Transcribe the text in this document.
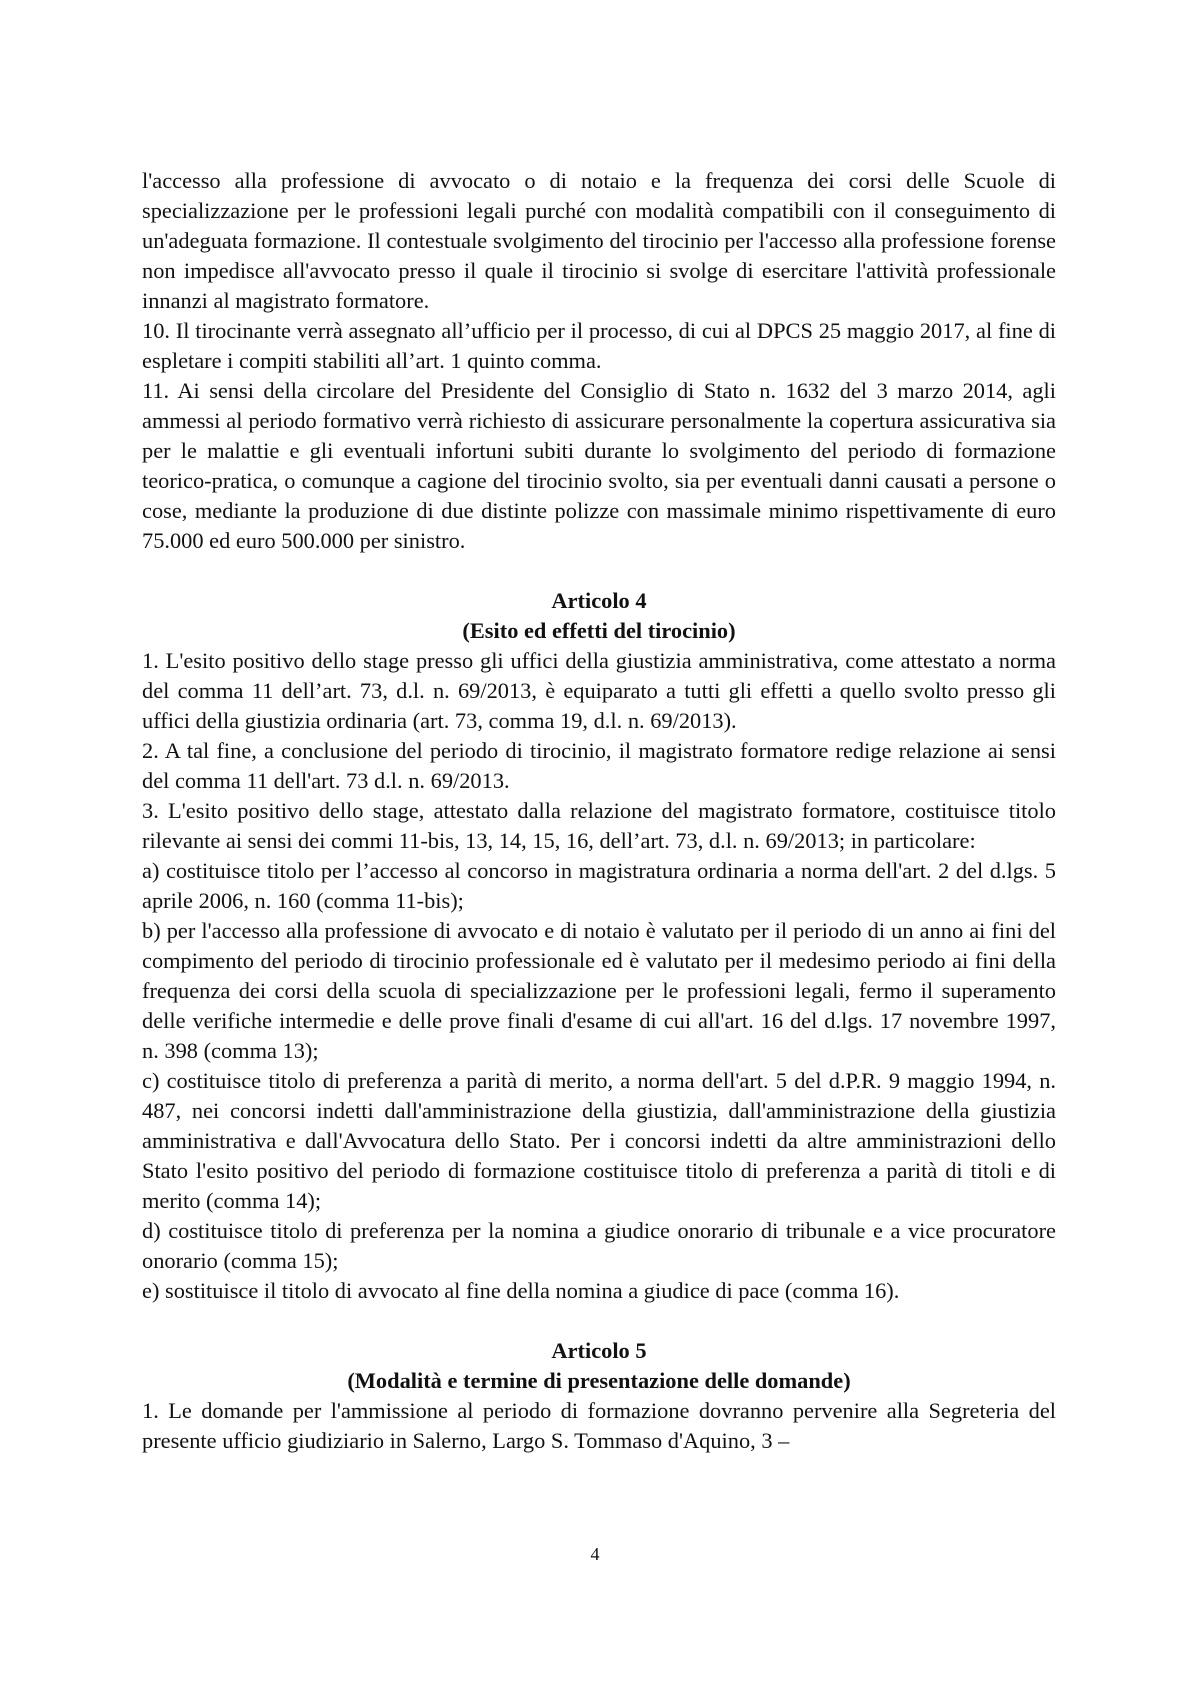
l'accesso alla professione di avvocato o di notaio e la frequenza dei corsi delle Scuole di specializzazione per le professioni legali purché con modalità compatibili con il conseguimento di un'adeguata formazione. Il contestuale svolgimento del tirocinio per l'accesso alla professione forense non impedisce all'avvocato presso il quale il tirocinio si svolge di esercitare l'attività professionale innanzi al magistrato formatore.

10. Il tirocinante verrà assegnato all’ufficio per il processo, di cui al DPCS 25 maggio 2017, al fine di espletare i compiti stabiliti all’art. 1 quinto comma.

11. Ai sensi della circolare del Presidente del Consiglio di Stato n. 1632 del 3 marzo 2014, agli ammessi al periodo formativo verrà richiesto di assicurare personalmente la copertura assicurativa sia per le malattie e gli eventuali infortuni subiti durante lo svolgimento del periodo di formazione teorico-pratica, o comunque a cagione del tirocinio svolto, sia per eventuali danni causati a persone o cose, mediante la produzione di due distinte polizze con massimale minimo rispettivamente di euro 75.000 ed euro 500.000 per sinistro.

Articolo 4

(Esito ed effetti del tirocinio)

1. L'esito positivo dello stage presso gli uffici della giustizia amministrativa, come attestato a norma del comma 11 dell’art. 73, d.l. n. 69/2013, è equiparato a tutti gli effetti a quello svolto presso gli uffici della giustizia ordinaria (art. 73, comma 19, d.l. n. 69/2013).

2. A tal fine, a conclusione del periodo di tirocinio, il magistrato formatore redige relazione ai sensi del comma 11 dell'art. 73 d.l. n. 69/2013.

3. L'esito positivo dello stage, attestato dalla relazione del magistrato formatore, costituisce titolo rilevante ai sensi dei commi 11-bis, 13, 14, 15, 16, dell’art. 73, d.l. n. 69/2013; in particolare:

a) costituisce titolo per l’accesso al concorso in magistratura ordinaria a norma dell'art. 2 del d.lgs. 5 aprile 2006, n. 160 (comma 11-bis);

b) per l'accesso alla professione di avvocato e di notaio è valutato per il periodo di un anno ai fini del compimento del periodo di tirocinio professionale ed è valutato per il medesimo periodo ai fini della frequenza dei corsi della scuola di specializzazione per le professioni legali, fermo il superamento delle verifiche intermedie e delle prove finali d'esame di cui all'art. 16 del d.lgs. 17 novembre 1997, n. 398 (comma 13);

c) costituisce titolo di preferenza a parità di merito, a norma dell'art. 5 del d.P.R. 9 maggio 1994, n. 487, nei concorsi indetti dall'amministrazione della giustizia, dall'amministrazione della giustizia amministrativa e dall'Avvocatura dello Stato. Per i concorsi indetti da altre amministrazioni dello Stato l'esito positivo del periodo di formazione costituisce titolo di preferenza a parità di titoli e di merito (comma 14);

d) costituisce titolo di preferenza per la nomina a giudice onorario di tribunale e a vice procuratore onorario (comma 15);

e) sostituisce il titolo di avvocato al fine della nomina a giudice di pace (comma 16).

Articolo 5

(Modalità e termine di presentazione delle domande)

1. Le domande per l'ammissione al periodo di formazione dovranno pervenire alla Segreteria del presente ufficio giudiziario in Salerno, Largo S. Tommaso d'Aquino, 3 –

4
